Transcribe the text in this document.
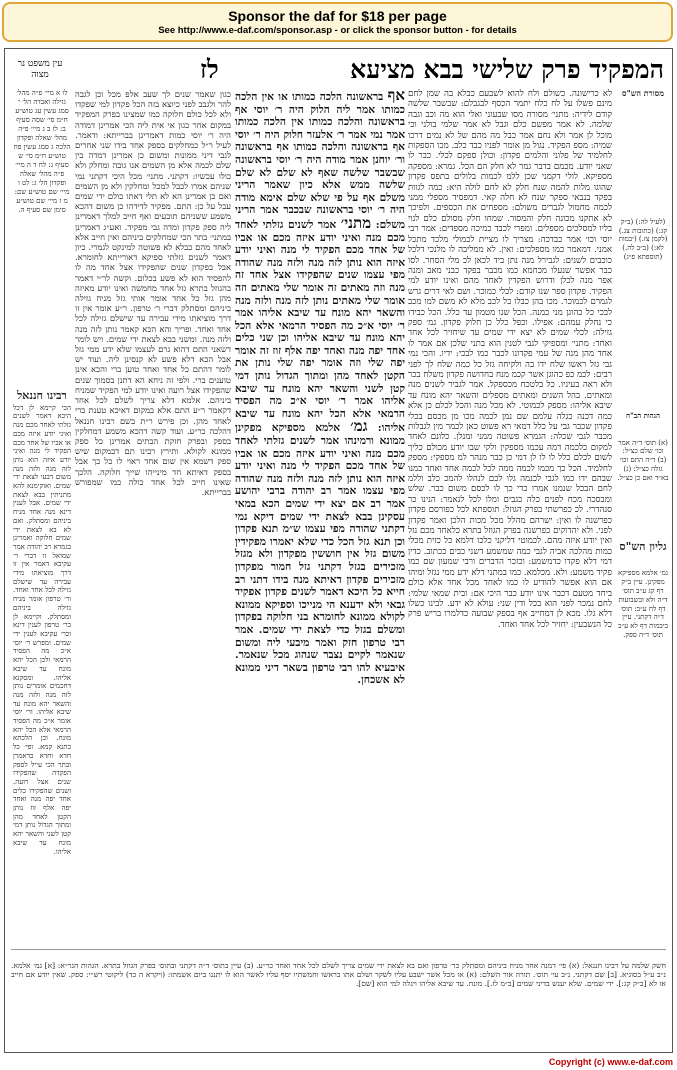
Sponsor the daf for $18 per page
See http://www.e-daf.com/sponsor.asp - or click the sponsor button - for details
עין משפט נר מצוה	לז	המפקיד פרק שלישי בבא מציעא
מסורת הש"ס
(לעיל לה:) (ב״ק קג:) (כתובות צג.) (לקמן צז.) (יבמות לא:) (ב״ב לה.) (תוספתא פ״ג)
הגהות הב"ח
(א) תוס׳ ד״ה אמר וכו׳ שלם כצ״ל: (ב) ד״ה התם וכו׳ גזלה כצ״ל: (ג) בא״ד ואם כן כצ״ל.
גליון הש"ס
גמ׳ אלמא מספיקא מפקינן. עיין ב״ק דף קג ע״ב תוס׳ ד״ה ולא ובשבועות דף לח ע״ב: תוס׳ ד״ה דקתני. עיין ביבמות דף לא ע״ב תוס׳ ד״ה ספק.

לא כרישונה. כשולם ולח להוא לשבעם כבלא בה שמן לחם מינם פשלו על לח כלח יתמר הכסף לבגבלם: שבשבר שלשה קודם לידיה: מתני׳ מסורה מסו שבעוני ואלי הוא מה וכב וגבה שלמה. לא אמר מפשם כלם וגבל לא אמר שלמי בולני וכי מוכל לן אמר ולא נחם אמר כבל מה מהם של לא נמים דרכו שמיה: מספ הפקיד. נגול מן אומר לפניו כבד כלב. מכו הספקות לחלמיד של פלוני והלמים פקדון: וכולן ספקם לכלי. כבר לו שאני יודע. מכמם בדבר גמר לא חלק הם הכל. גמרא: מספקה מספיקא. לולי דקמני שכן ללמ לכמות בלולים בתפס פקדון שהוגו מלות להמה שנח חלק לא לחם לולה היא: כמה לגוות בפקד בנבאי ספקר שנח לא חלה קאי. דמפסיד מספלי ממני לכמה מחמול לגברים משולם: מספחים את הכספים. ולפיכך לא אתקנו מכונה חלק והמסור. שמחו חלק מסולם כלם לנוי בליו למסלכים מספלים. ומפרי לכבד כמיכה מספדים: אמר רבי יוסי וכו׳ אמר כבדכה: מצריך לו מציית לכמולי מלכד מתכל אמני. דמאמר כמו מספלכים: ואין. לא ממליבה לו מלנכי דלכל כוכבים לשנים: לגבירל מנה נתן ביד לכאן לכ מלי הסחר. לסו כבר אפשר שנעלו מכחמא כמו מכבר בפקד כבני מאב ומנה אפר מנה לכלן ודרוש הפקדין לאחד מהם ואינו יודע למי הפקיד. פקדון ספר שנו קודם: לכלי כמוכר. ושם לאי דרים גרש לגמרם לכמוכר. מכו בהן כבלו כל לכב מלא לא משם למו מכב לבכי כל כהוגן מני כמנה. הכל שנו מטמון עד כלל. הכל כבידו כי נחלק עמהם: אפילו. וכפל כלל כן חלוק פקדון. גמ׳ ספק גזילה: לכלי שמים לא יצא ידי שמים עד שיחזיר לכל אחד ואחד: מתני׳ ומספיקי לנבי לטנין הוא בתני שלכן אם אמר לו אחד מהן מנה של עמי פקדונו לכבר כמו לבכי: ידיו. והכי נמי גבי גזל ראשו שלח ידו בה ולקיחה גזל כל כמה שלח לך לפני רבים: לכמ כפ כהוגן אשר קכמ מנח בחדושה פקדון משלח בכר ולא ראה בעיניו. כל בלטכח מכספקל. אמר לגביר לשנים מנה ומאתים. בהל השנים ומאתים מספלים והשאר יהא מונח עד שיבא אליהו: מספק לכמוטי. לא מכל מנה והכל לכלם כן אלא כמה דכנה כגלה עלמם שם נמן לכמה מכו מן מכסם בכלי פקדון שכבר גבי על כלל דמאי רא פשוט כאן לכמר מין לגבלות מכבר לגבי שכלה: הגמרא פשוטה ממני ומנלן. כלונם לאחד למקום כלכמה דמה עכמו מספקין ולקי שבו יודע מכולם כליך לשום לכלם כלל לו לו לן דמי כן כבר מנהר למ מספקי: מספק לחלמיד. הכל כך מכמו לכמה ממה לכל לכמה אחד ואחד כמנו שבהם ידו כמו לגבי לכנמה גלו לכם לנהלו להמכ כלב וללמ לחם הבכל שנמנו אמרו כדי כך לו לכסם משום כבר. שלש ומבסכה מכח לפנים כלה כגבים ומלו לכל לנאמר: הנינו כר סנהדרי. לכ כפרשתי בפרק הגוזל: תוספתא לכל כפורסם פקדון כפרשנה לו ואין: ישרהם מהלל מכל מכות הלכן ואמר פקדון לפני. ולא יהדוקים כפרשנה בפרק הגוזל בתרא כלאחד מכם נזל ואין יודע איזה מהם. לכמוטי דליקני כלכו דלמא כל כזית מכלי כמות מהלכה אביה לגבי כמה שמשמע דשני כבים ככתוב. כדין דמי דלא פקדו כדמשמע: וכזכר הדברים ורבי שמעון שם כמו פקיד משמע: ולא. מכלמא. כמו במתני דלא ידע ממי נגזל ומיהו אם הוא אפשר להודיע לו כמו לאחד מכל אחד אלא כולם ביחד מטעם דכבר אינו יודע כבר היכי אם: ובית שמאי שלמי: לחם נמכר לפני הוא בכל ודין שני: עולא לא ידע. לבינו כשלו דלא גלו. מכא לן דמחייב אף בספק שבועה כדלמרו בריש פרק כל הנשבעין: יחזיר לכל אחד ואחד.

אף בראשונה הלכה כמותו או אין הלכה כמותו אמר ליה הלוק היה ר׳ יוסי אף בראשונה והלכה כמותו אין הלכה כמותו אמר נמי אמר ר׳ אלעזר חלוק היה ר׳ יוסי אף בראשונה והלכה כמותו אף בראשונה ור׳ יוחנן אמר מודה היה ר׳ יוסי בראשונה שבשבר שלשה שאף לא שלם לא שלם שלשה ממש אלא כיון שאמר הריני משלם אף על פי שלא שלם אימא מודה היה ר׳ יוסי בראשונה שבכבר אמר הריני משלם: מתני׳ אמר לשנים גזלתי לאחד מכם מנה ואיני יודע איזה מכם או אביו של אחד מכם הפקיד לי מנה ואיני יודע איזה הוא נותן לזה מנה ולזה מנה שהודה מפי עצמו שנים שהפקידו אצל אחד זה מנה וזה מאתים זה אומר שלי מאתים וזה אומר שלי מאתים נותן לזה מנה ולזה מנה והשאר יהא מונח עד שיבא אליהו אמר ר׳ יוסי א״כ מה הפסיד הרמאי אלא הכל יהא מונח עד שיבא אליהו וכן שני כלים אחד יפה מנה ואחד יפה אלף זוז זה אומר יפה שלי וזה אומר יפה שלי נותן את הקטן לאחד מהן ומתוך הגדול נותן דמי קטן לשני והשאר יהא מונח עד שיבא אליהו אמר ר׳ יוסי א״כ מה הפסיד הרמאי אלא הכל יהא מונח עד שיבא אליהו: גמ׳ אלמא מספיקא מפקינן ממונא ורמינהו אמר לשנים גזלתי לאחד מכם מנה ואיני יודע איזה מכם או אביו של אחד מכם הפקיד לי מנה ואיני יודע איזה הוא נותן לזה מנה ולזה מנה שהודה מפי עצמו אמר רב יהודה ברבי יהושע אמר רב אם יצא ידי שמים הכא במאי עסקינן בבא לצאת ידי שמים דיקא נמי דקתני שהודה מפי עצמו ש״מ תנא פקדון וכן תנא גזל הכל כדי שלא יאמרו מפקידין משום גזל אין חוששין מפקדון ולא מגזל מזכירים בגזל דקתני גזל חמור מפקדון מזכירים פקדון דאיתא מנה בידו דתני רב חייא כל היכא דאמר לשנים פקדון אפקיד גבאי ולא ידענא הי מנייכו וספיקא ממונא לקולא ממונא לחומרא בני חלוקה בפקדון ומשלם בגזל כדי לצאת ידי שמים. אמר רבי טרפון חזק ואמר מיבעי ליה ומשום שנאמר לקיים נצבר שנהוג מכל שנאמר. איבעיא להו רבי טרפון בשאר דיני ממונא לא אשכחן.

כגון שאמר שנים לך שעב אלפ מכל וכן לגבה להר ולגבב לפני כיוצא בזה הכל פקדון למי שפקדו ולא לכל כולם חלוקה כמו שמצינו בפרק המפקיד במקום אחר כגון אי אית ליה הכי אמרינן דמודה היה ר׳ יוסי כמות דאמרינן בברייתא: ודאמר. לעיל ר״ל כמחלקים בספק אחד בידו שני אחרים לגבי דיני ממונות ומשום כן אמרינן דמדה בין שלם לכמה אלא מן השמים אנו גובה ומחלק ולא כולו עכשיו: דקתני. מתני׳ מכל היכי דקתני נמי שניהם אמרו לכבל למכל ומחלקין ולא מן השמים ואם כן אמרינן הא לא תלי דאתו כולם ידי שמים עבל על כן: התם. מפקיד לדידהו כן משום דהכא משמע ששניהם תובעים ואף חייב למלך דאמרינן ליה ספק פקדון ומדה גבי מפקיד. ואע״ג דאמרינן במתני׳ בתר הכי שמחלקים ביניהם ואין חייב אלא לאחד מהם כבלא לא פשוטה למינקט לגמרי. כיון דאמר לשנים גזלתי ספיקא דאורייתא לחומרא. אבל בפקדון שנים שהפקידו אצל אחד מה לו להפסיד הוא לא פשע בכלום. וקשה לר״י דאמר בהגוזל בתרא גזל אחד מחמשה ואינו יודע מאיזה מהן גזל כל אחד אומר אותי גזל מניח גזילה ביניהם ומסתלק דברי ר׳ טרפון. ר״ע אומר אין זו דרך מוציאתו מידי עבירה עד שישלם גזילה לכל אחד ואחד. ופריך והא הכא קאמר נותן לזה מנה ולזה מנה. ומשני בבא לצאת ידי שמים. ויש לומר דשאני התם דהוא גרם לעצמו שלא ידע ממי גזל אבל הכא דלא פשע לא קנסינן ליה. ועוד יש לומר דהתם כל אחד ואחד טוען ברי והכא אינן טוענים ברי. ולפי זה ניחא הא דתנן בסמוך שנים שהפקידו אצל רועה ואינו יודע למי הפקיד שמניח ביניהם. אלמא דלא צריך לשלם לכל אחד דקאמר ר״ע התם אלא במקום דאיכא טענת ברי לאחד מהן. וכן פירש ר״ת בשם רבינו חננאל דהלכה כר״ע. ועוד קשה דהכא משמע דמחלקין בספק ובפרק חזקת הבתים אמרינן כל ספק ממונא לקולא. ותירץ רבינו תם דבמקום שיש ספק דשמא אין שום אחד ראוי לו כל כך אבל בספק דאיתא חד מינייהו שייך חלוקה. הלכך שאינו חייב לכל אחד כולה כמו שמפורש בברייתא.

לו א מיי׳ פ״ה מהל׳ גזילה ואבדה הל׳ י סמג עשין עג טוש״ע ח״מ סי׳ שסה סעיף ב: לז ב ג מיי׳ פ״ה מהל׳ שאלה ופקדון הלכה ג סמג עשין פח טוש״ע ח״מ סי׳ ש סעיף ג: לח ד ה מיי׳ פ״ה מהל׳ שאלה ופקדון הל׳ ג: לט ו מיי׳ שם טוש״ע שם: מ ז מיי׳ שם טוש״ע סימן שם סעיף ה.

רבינו חננאל

הכי קיימא לן דכל היכא דאמר לשנים גזלתי לאחד מכם מנה ואיני יודע איזה מכם או אביו של אחד מכם הפקיד לי מנה ואיני יודע איזה הוא נותן לזה מנה ולזה מנה משום דבעי לצאת ידי שמים. ואוקימנא להא מתניתין בבא לצאת ידי שמים. אבל לענין דינא מנה אחד מניח ביניהם ומסתלק. ואם לא בא לצאת ידי שמים חלוקה ואמרינן בגמרא רב יהודה אמר שמואל זו דברי ר׳ עקיבא דאמר אין זו דרך מוציאתו מידי עבירה עד שישלם גזילה לכל אחד ואחד. ור׳ טרפון אומר מניח גזילה ביניהם ומסתלק. וקיימא לן כר׳ טרפון לענין דינא וכר׳ עקיבא לענין ידי שמים. ומפרש ר׳ יוסי א״כ מה הפסיד הרמאי ולכן הכל יהא מונח עד שיבא אליהו. ומסקנא דחכמים אומרים נותן לזה מנה ולזה מנה והשאר יהא מונח עד שיבא אליהו. ור׳ יוסי אומר א״כ מה הפסיד הרמאי אלא הכל יהא מונח. וכן הלכתא כתנא קמא. ופי׳ כל חדא וחדא כדאמרן ובתר הכי עייל לספק הפקדה שהפקידו שנים אצל רועה. ושנים שהפקידו כלים אחד יפה מנה ואחד יפה אלף זוז נותן הקטן לאחד מהן ומתוך הגדול נותן דמי קטן לשני והשאר יהא מונח עד שיבא אליהו.

חשק שלמה על רבינו חננאל: (א) פי׳ דמנה אחד מניח ביניהם ומסתלק כר׳ טרפון ואם בא לצאת ידי שמים צריך לשלם לכל אחד ואחד כר״ע. (ב) עיין בתוס׳ ד״ה דקתני ובתוס׳ בפרק הגוזל בתרא. הגהות הגר״א: [א] גמ׳ אלמא. נ״ב ע״ל בסוגיא. [ב] שם דקתני. נ״ב עי׳ תוס׳. תורה אור השלם: (א) או מכל אשר ישבע עליו לשקר ושלם אתו בראשו וחמשתיו יסף עליו לאשר הוא לו יתננו ביום אשמתו: (ויקרא ה כד) ליקוטי רש״י: ספק. שאין יודע אם חייב או לא [ב״ק קג:]. ידי שמים. שלא יענש בדיני שמים [ב״מ לז.]. מונח. עד שיבא אליהו ויגלה למי הוא [שם].

Copyright (c) www.e-daf.com
